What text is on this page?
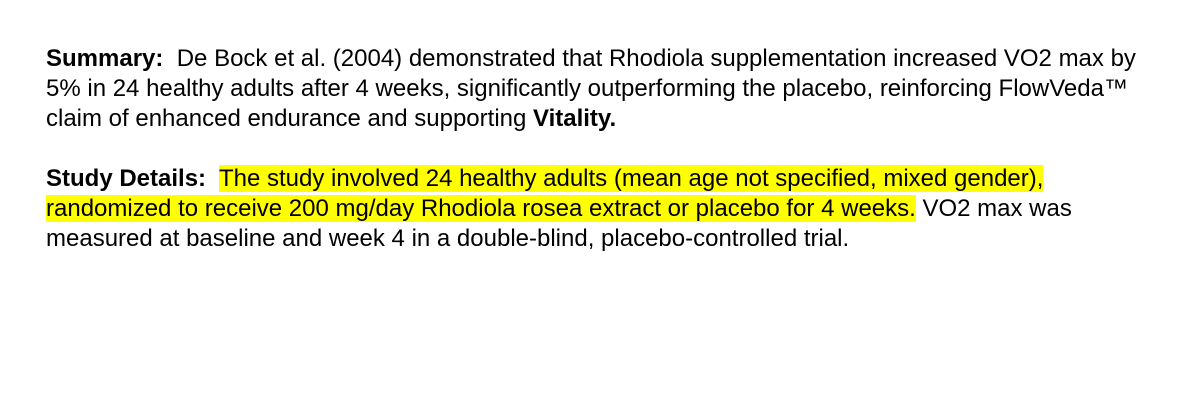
Summary: De Bock et al. (2004) demonstrated that Rhodiola supplementation increased VO2 max by 5% in 24 healthy adults after 4 weeks, significantly outperforming the placebo, reinforcing FlowVeda™ claim of enhanced endurance and supporting Vitality.

Study Details: The study involved 24 healthy adults (mean age not specified, mixed gender), randomized to receive 200 mg/day Rhodiola rosea extract or placebo for 4 weeks. VO2 max was measured at baseline and week 4 in a double-blind, placebo-controlled trial.
